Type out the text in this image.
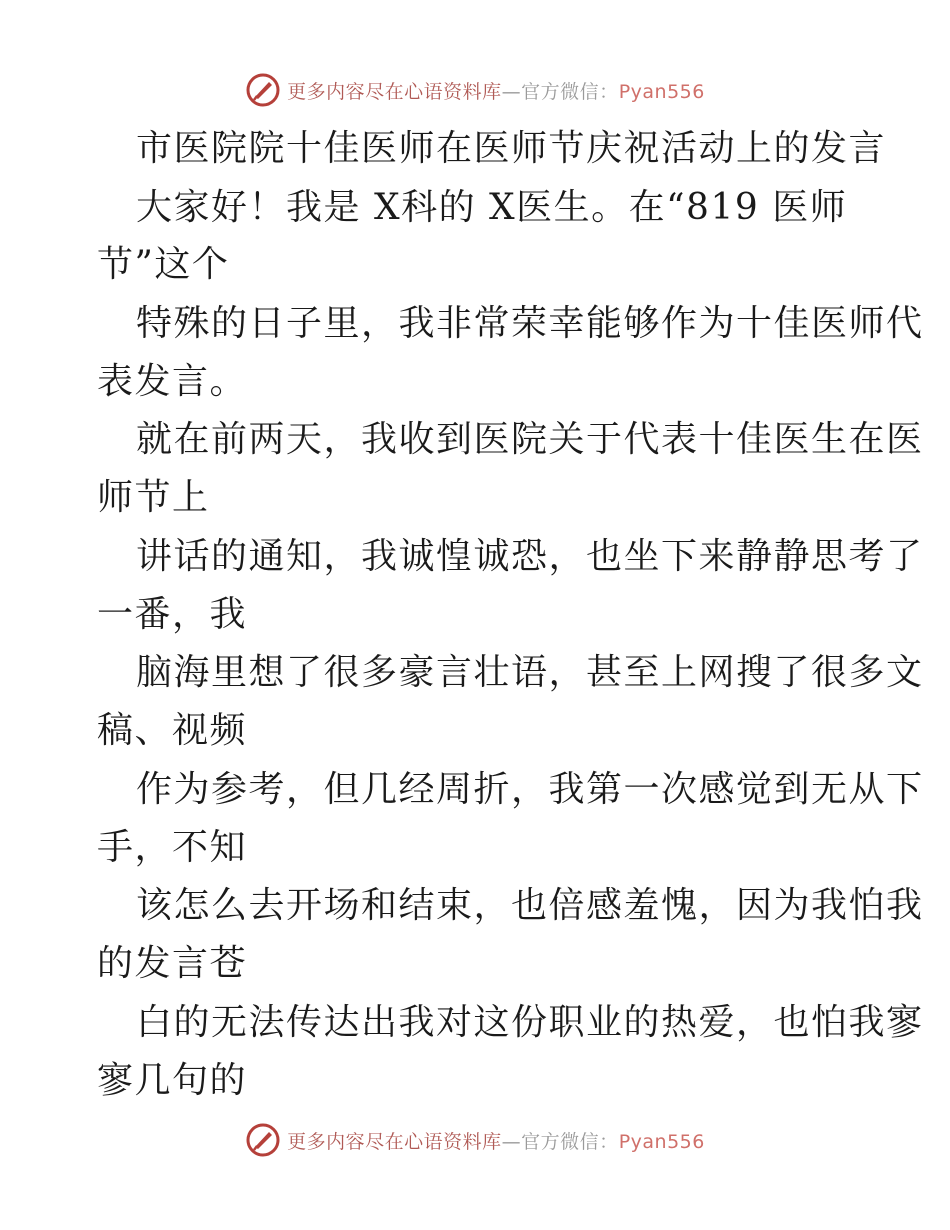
更多内容尽在心语资料库—官方微信：Pyan556
市医院院十佳医师在医师节庆祝活动上的发言
大家好！我是 X科的 X医生。在“819 医师
节”这个
特殊的日子里，我非常荣幸能够作为十佳医师代
表发言。
就在前两天，我收到医院关于代表十佳医生在医
师节上
讲话的通知，我诚惶诚恐，也坐下来静静思考了
一番，我
脑海里想了很多豪言壮语，甚至上网搜了很多文
稿、视频
作为参考，但几经周折，我第一次感觉到无从下
手，不知
该怎么去开场和结束，也倍感羞愧，因为我怕我
的发言苍
白的无法传达出我对这份职业的热爱，也怕我寥
寥几句的
更多内容尽在心语资料库—官方微信：Pyan556
